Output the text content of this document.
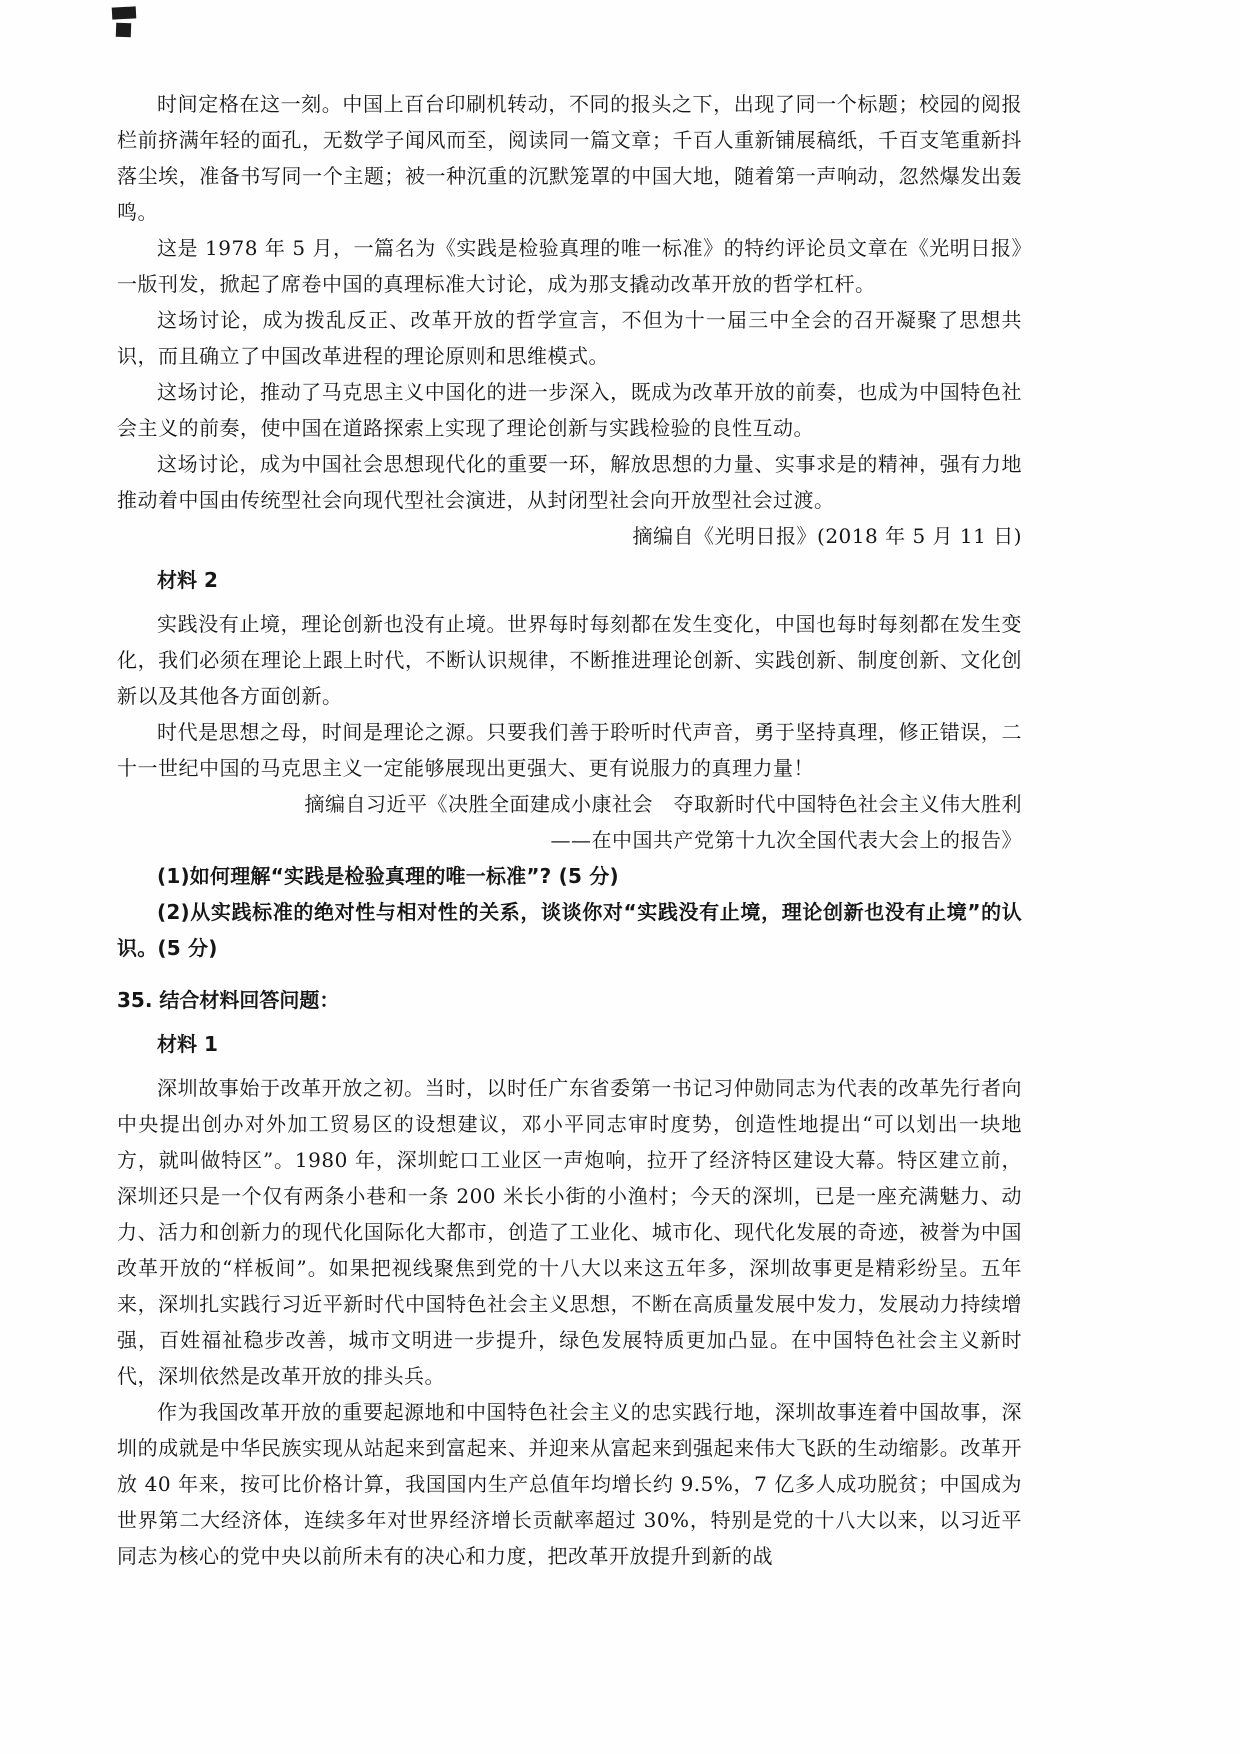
时间定格在这一刻。中国上百台印刷机转动，不同的报头之下，出现了同一个标题；校园的阅报栏前挤满年轻的面孔，无数学子闻风而至，阅读同一篇文章；千百人重新铺展稿纸，千百支笔重新抖落尘埃，准备书写同一个主题；被一种沉重的沉默笼罩的中国大地，随着第一声响动，忽然爆发出轰鸣。

这是 1978 年 5 月，一篇名为《实践是检验真理的唯一标准》的特约评论员文章在《光明日报》一版刊发，掀起了席卷中国的真理标准大讨论，成为那支撬动改革开放的哲学杠杆。

这场讨论，成为拨乱反正、改革开放的哲学宣言，不但为十一届三中全会的召开凝聚了思想共识，而且确立了中国改革进程的理论原则和思维模式。

这场讨论，推动了马克思主义中国化的进一步深入，既成为改革开放的前奏，也成为中国特色社会主义的前奏，使中国在道路探索上实现了理论创新与实践检验的良性互动。

这场讨论，成为中国社会思想现代化的重要一环，解放思想的力量、实事求是的精神，强有力地推动着中国由传统型社会向现代型社会演进，从封闭型社会向开放型社会过渡。

摘编自《光明日报》(2018 年 5 月 11 日)

材料 2

实践没有止境，理论创新也没有止境。世界每时每刻都在发生变化，中国也每时每刻都在发生变化，我们必须在理论上跟上时代，不断认识规律，不断推进理论创新、实践创新、制度创新、文化创新以及其他各方面创新。

时代是思想之母，时间是理论之源。只要我们善于聆听时代声音，勇于坚持真理，修正错误，二十一世纪中国的马克思主义一定能够展现出更强大、更有说服力的真理力量！

摘编自习近平《决胜全面建成小康社会　夺取新时代中国特色社会主义伟大胜利

——在中国共产党第十九次全国代表大会上的报告》

(1)如何理解“实践是检验真理的唯一标准”? (5 分)

(2)从实践标准的绝对性与相对性的关系，谈谈你对“实践没有止境，理论创新也没有止境”的认识。(5 分)

35. 结合材料回答问题：

材料 1

深圳故事始于改革开放之初。当时，以时任广东省委第一书记习仲勋同志为代表的改革先行者向中央提出创办对外加工贸易区的设想建议，邓小平同志审时度势，创造性地提出“可以划出一块地方，就叫做特区”。1980 年，深圳蛇口工业区一声炮响，拉开了经济特区建设大幕。特区建立前，深圳还只是一个仅有两条小巷和一条 200 米长小街的小渔村；今天的深圳，已是一座充满魅力、动力、活力和创新力的现代化国际化大都市，创造了工业化、城市化、现代化发展的奇迹，被誉为中国改革开放的“样板间”。如果把视线聚焦到党的十八大以来这五年多，深圳故事更是精彩纷呈。五年来，深圳扎实践行习近平新时代中国特色社会主义思想，不断在高质量发展中发力，发展动力持续增强，百姓福祉稳步改善，城市文明进一步提升，绿色发展特质更加凸显。在中国特色社会主义新时代，深圳依然是改革开放的排头兵。

作为我国改革开放的重要起源地和中国特色社会主义的忠实践行地，深圳故事连着中国故事，深圳的成就是中华民族实现从站起来到富起来、并迎来从富起来到强起来伟大飞跃的生动缩影。改革开放 40 年来，按可比价格计算，我国国内生产总值年均增长约 9.5%，7 亿多人成功脱贫；中国成为世界第二大经济体，连续多年对世界经济增长贡献率超过 30%，特别是党的十八大以来，以习近平同志为核心的党中央以前所未有的决心和力度，把改革开放提升到新的战
